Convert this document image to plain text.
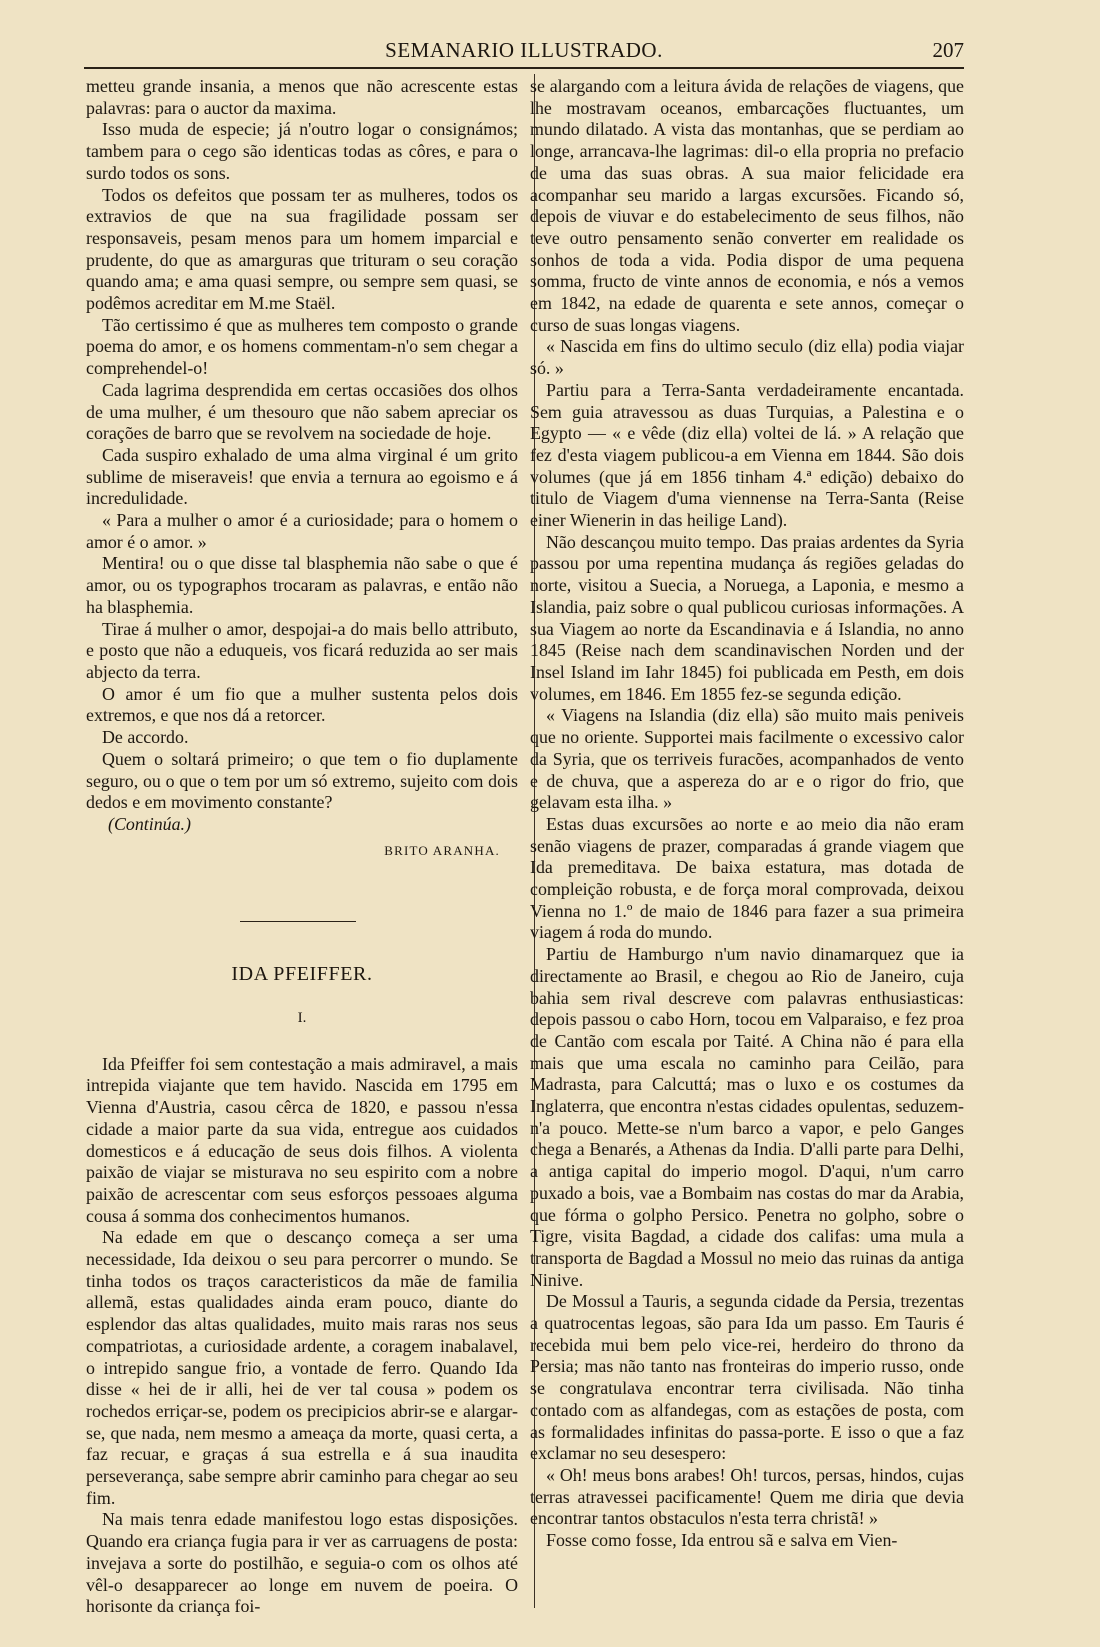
SEMANARIO ILLUSTRADO.	207

metteu grande insania, a menos que não acrescente estas palavras: para o auctor da maxima.

Isso muda de especie; já n'outro logar o consignámos; tambem para o cego são identicas todas as côres, e para o surdo todos os sons.

Todos os defeitos que possam ter as mulheres, todos os extravios de que na sua fragilidade possam ser responsaveis, pesam menos para um homem imparcial e prudente, do que as amarguras que trituram o seu coração quando ama; e ama quasi sempre, ou sempre sem quasi, se podêmos acreditar em M.me Staël.

Tão certissimo é que as mulheres tem composto o grande poema do amor, e os homens commentam-n'o sem chegar a comprehendel-o!

Cada lagrima desprendida em certas occasiões dos olhos de uma mulher, é um thesouro que não sabem apreciar os corações de barro que se revolvem na sociedade de hoje.

Cada suspiro exhalado de uma alma virginal é um grito sublime de miseraveis! que envia a ternura ao egoismo e á incredulidade.

« Para a mulher o amor é a curiosidade; para o homem o amor é o amor. »

Mentira! ou o que disse tal blasphemia não sabe o que é amor, ou os typographos trocaram as palavras, e então não ha blasphemia.

Tirae á mulher o amor, despojai-a do mais bello attributo, e posto que não a eduqueis, vos ficará reduzida ao ser mais abjecto da terra.

O amor é um fio que a mulher sustenta pelos dois extremos, e que nos dá a retorcer.

De accordo.

Quem o soltará primeiro; o que tem o fio duplamente seguro, ou o que o tem por um só extremo, sujeito com dois dedos e em movimento constante?

(Continúa.)

BRITO ARANHA.

IDA PFEIFFER.

I.

Ida Pfeiffer foi sem contestação a mais admiravel, a mais intrepida viajante que tem havido. Nascida em 1795 em Vienna d'Austria, casou cêrca de 1820, e passou n'essa cidade a maior parte da sua vida, entregue aos cuidados domesticos e á educação de seus dois filhos. A violenta paixão de viajar se misturava no seu espirito com a nobre paixão de acrescentar com seus esforços pessoaes alguma cousa á somma dos conhecimentos humanos.

Na edade em que o descanço começa a ser uma necessidade, Ida deixou o seu para percorrer o mundo. Se tinha todos os traços caracteristicos da mãe de familia allemã, estas qualidades ainda eram pouco, diante do esplendor das altas qualidades, muito mais raras nos seus compatriotas, a curiosidade ardente, a coragem inabalavel, o intrepido sangue frio, a vontade de ferro. Quando Ida disse « hei de ir alli, hei de ver tal cousa » podem os rochedos erriçar-se, podem os precipicios abrir-se e alargar-se, que nada, nem mesmo a ameaça da morte, quasi certa, a faz recuar, e graças á sua estrella e á sua inaudita perseverança, sabe sempre abrir caminho para chegar ao seu fim.

Na mais tenra edade manifestou logo estas disposições. Quando era criança fugia para ir ver as carruagens de posta: invejava a sorte do postilhão, e seguia-o com os olhos até vêl-o desapparecer ao longe em nuvem de poeira. O horisonte da criança foi-

se alargando com a leitura ávida de relações de viagens, que lhe mostravam oceanos, embarcações fluctuantes, um mundo dilatado. A vista das montanhas, que se perdiam ao longe, arrancava-lhe lagrimas: dil-o ella propria no prefacio de uma das suas obras. A sua maior felicidade era acompanhar seu marido a largas excursões. Ficando só, depois de viuvar e do estabelecimento de seus filhos, não teve outro pensamento senão converter em realidade os sonhos de toda a vida. Podia dispor de uma pequena somma, fructo de vinte annos de economia, e nós a vemos em 1842, na edade de quarenta e sete annos, começar o curso de suas longas viagens.

« Nascida em fins do ultimo seculo (diz ella) podia viajar só. »

Partiu para a Terra-Santa verdadeiramente encantada. Sem guia atravessou as duas Turquias, a Palestina e o Egypto — « e vêde (diz ella) voltei de lá. » A relação que fez d'esta viagem publicou-a em Vienna em 1844. São dois volumes (que já em 1856 tinham 4.ª edição) debaixo do titulo de Viagem d'uma viennense na Terra-Santa (Reise einer Wienerin in das heilige Land).

Não descançou muito tempo. Das praias ardentes da Syria passou por uma repentina mudança ás regiões geladas do norte, visitou a Suecia, a Noruega, a Laponia, e mesmo a Islandia, paiz sobre o qual publicou curiosas informações. A sua Viagem ao norte da Escandinavia e á Islandia, no anno 1845 (Reise nach dem scandinavischen Norden und der Insel Island im Iahr 1845) foi publicada em Pesth, em dois volumes, em 1846. Em 1855 fez-se segunda edição.

« Viagens na Islandia (diz ella) são muito mais peniveis que no oriente. Supportei mais facilmente o excessivo calor da Syria, que os terriveis furacões, acompanhados de vento e de chuva, que a aspereza do ar e o rigor do frio, que gelavam esta ilha. »

Estas duas excursões ao norte e ao meio dia não eram senão viagens de prazer, comparadas á grande viagem que Ida premeditava. De baixa estatura, mas dotada de compleição robusta, e de força moral comprovada, deixou Vienna no 1.º de maio de 1846 para fazer a sua primeira viagem á roda do mundo.

Partiu de Hamburgo n'um navio dinamarquez que ia directamente ao Brasil, e chegou ao Rio de Janeiro, cuja bahia sem rival descreve com palavras enthusiasticas: depois passou o cabo Horn, tocou em Valparaiso, e fez proa de Cantão com escala por Taité. A China não é para ella mais que uma escala no caminho para Ceilão, para Madrasta, para Calcuttá; mas o luxo e os costumes da Inglaterra, que encontra n'estas cidades opulentas, seduzem-n'a pouco. Mette-se n'um barco a vapor, e pelo Ganges chega a Benarés, a Athenas da India. D'alli parte para Delhi, a antiga capital do imperio mogol. D'aqui, n'um carro puxado a bois, vae a Bombaim nas costas do mar da Arabia, que fórma o golpho Persico. Penetra no golpho, sobre o Tigre, visita Bagdad, a cidade dos califas: uma mula a transporta de Bagdad a Mossul no meio das ruinas da antiga Ninive.

De Mossul a Tauris, a segunda cidade da Persia, trezentas a quatrocentas legoas, são para Ida um passo. Em Tauris é recebida mui bem pelo vice-rei, herdeiro do throno da Persia; mas não tanto nas fronteiras do imperio russo, onde se congratulava encontrar terra civilisada. Não tinha contado com as alfandegas, com as estações de posta, com as formalidades infinitas do passa-porte. E isso o que a faz exclamar no seu desespero:

« Oh! meus bons arabes! Oh! turcos, persas, hindos, cujas terras atravessei pacificamente! Quem me diria que devia encontrar tantos obstaculos n'esta terra christã! »

Fosse como fosse, Ida entrou sã e salva em Vien-
